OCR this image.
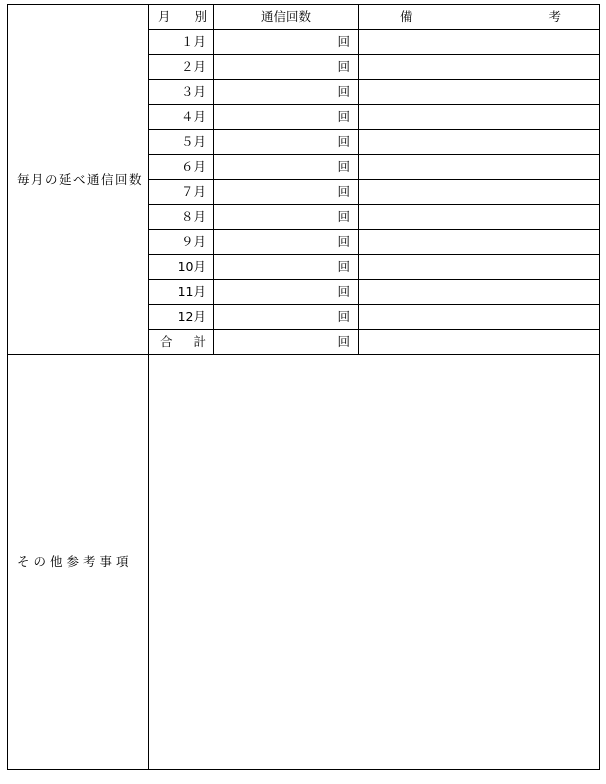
毎月の延べ通信回数	月 別	通信回数	備 考

	１月	回	
	２月	回	
	３月	回	
	４月	回	
	５月	回	
	６月	回	
	７月	回	
	８月	回	
	９月	回	
	10月	回	
	11月	回	
	12月	回	

	合 計	回	
その他参考事項			
